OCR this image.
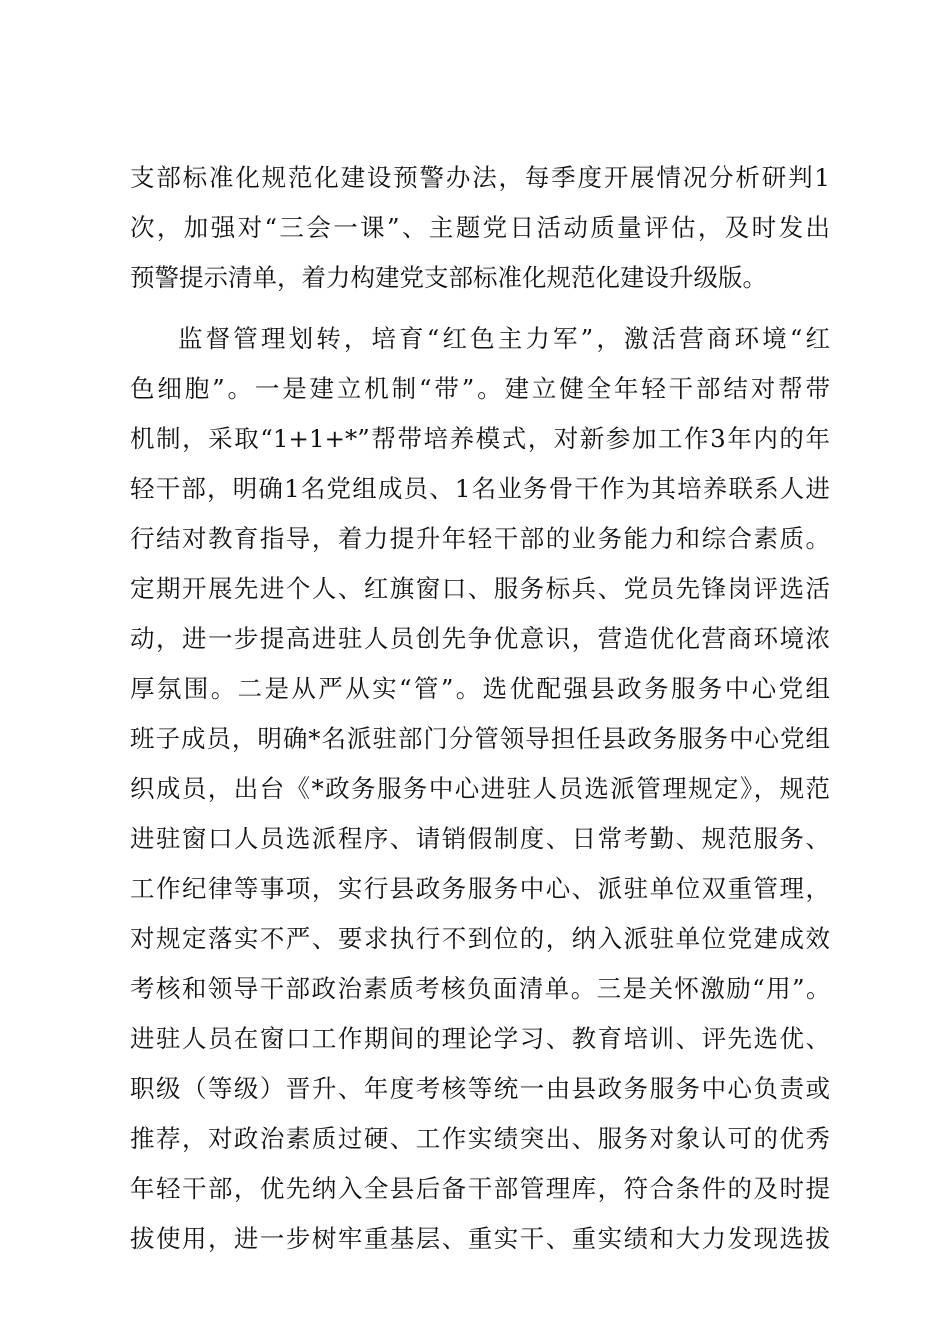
支部标准化规范化建设预警办法，每季度开展情况分析研判1

次，加强对“三会一课”、主题党日活动质量评估，及时发出

预警提示清单，着力构建党支部标准化规范化建设升级版。

监督管理划转，培育“红色主力军”，激活营商环境“红

色细胞”。一是建立机制“带”。建立健全年轻干部结对帮带

机制，采取“1+1+*”帮带培养模式，对新参加工作3年内的年

轻干部，明确1名党组成员、1名业务骨干作为其培养联系人进

行结对教育指导，着力提升年轻干部的业务能力和综合素质。

定期开展先进个人、红旗窗口、服务标兵、党员先锋岗评选活

动，进一步提高进驻人员创先争优意识，营造优化营商环境浓

厚氛围。二是从严从实“管”。选优配强县政务服务中心党组

班子成员，明确*名派驻部门分管领导担任县政务服务中心党组

织成员，出台《*政务服务中心进驻人员选派管理规定》，规范

进驻窗口人员选派程序、请销假制度、日常考勤、规范服务、

工作纪律等事项，实行县政务服务中心、派驻单位双重管理，

对规定落实不严、要求执行不到位的，纳入派驻单位党建成效

考核和领导干部政治素质考核负面清单。三是关怀激励“用”。

进驻人员在窗口工作期间的理论学习、教育培训、评先选优、

职级（等级）晋升、年度考核等统一由县政务服务中心负责或

推荐，对政治素质过硬、工作实绩突出、服务对象认可的优秀

年轻干部，优先纳入全县后备干部管理库，符合条件的及时提

拔使用，进一步树牢重基层、重实干、重实绩和大力发现选拔
